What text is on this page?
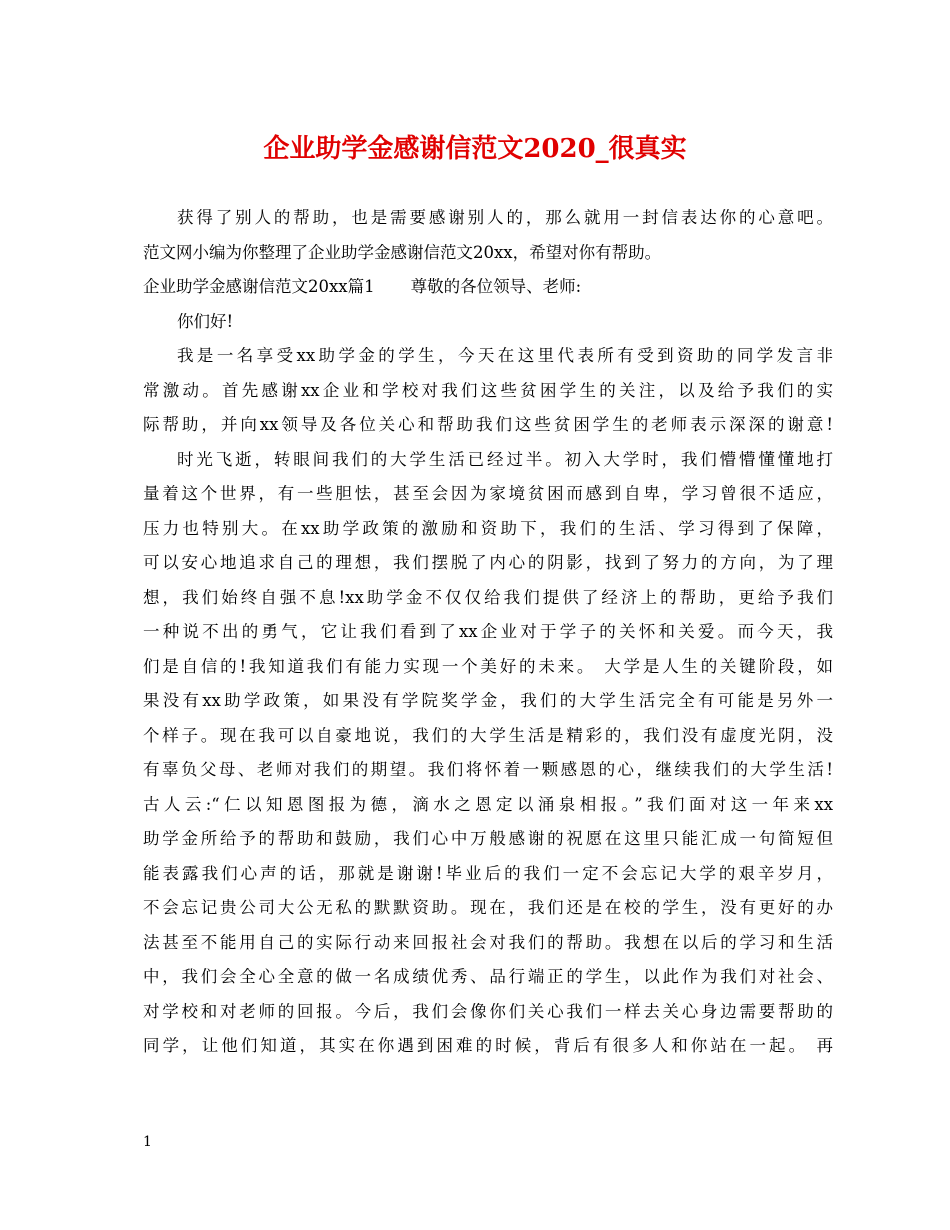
企业助学金感谢信范文2020_很真实
获得了别人的帮助，也是需要感谢别人的，那么就用一封信表达你的心意吧。
范文网小编为你整理了企业助学金感谢信范文20xx，希望对你有帮助。
企业助学金感谢信范文20xx篇1 尊敬的各位领导、老师:
你们好!
我是一名享受xx助学金的学生，今天在这里代表所有受到资助的同学发言非
常激动。首先感谢xx企业和学校对我们这些贫困学生的关注，以及给予我们的实
际帮助，并向xx领导及各位关心和帮助我们这些贫困学生的老师表示深深的谢意!
时光飞逝，转眼间我们的大学生活已经过半。初入大学时，我们懵懵懂懂地打
量着这个世界，有一些胆怯，甚至会因为家境贫困而感到自卑，学习曾很不适应，
压力也特别大。在xx助学政策的激励和资助下，我们的生活、学习得到了保障，
可以安心地追求自己的理想，我们摆脱了内心的阴影，找到了努力的方向，为了理
想，我们始终自强不息!xx助学金不仅仅给我们提供了经济上的帮助，更给予我们
一种说不出的勇气，它让我们看到了xx企业对于学子的关怀和关爱。而今天，我
们是自信的!我知道我们有能力实现一个美好的未来。 大学是人生的关键阶段，如
果没有xx助学政策，如果没有学院奖学金，我们的大学生活完全有可能是另外一
个样子。现在我可以自豪地说，我们的大学生活是精彩的，我们没有虚度光阴，没
有辜负父母、老师对我们的期望。我们将怀着一颗感恩的心，继续我们的大学生活!
古人云:“仁以知恩图报为德，滴水之恩定以涌泉相报。”我们面对这一年来xx
助学金所给予的帮助和鼓励，我们心中万般感谢的祝愿在这里只能汇成一句简短但
能表露我们心声的话，那就是谢谢!毕业后的我们一定不会忘记大学的艰辛岁月，
不会忘记贵公司大公无私的默默资助。现在，我们还是在校的学生，没有更好的办
法甚至不能用自己的实际行动来回报社会对我们的帮助。我想在以后的学习和生活
中，我们会全心全意的做一名成绩优秀、品行端正的学生，以此作为我们对社会、
对学校和对老师的回报。今后，我们会像你们关心我们一样去关心身边需要帮助的
同学，让他们知道，其实在你遇到困难的时候，背后有很多人和你站在一起。 再
1
